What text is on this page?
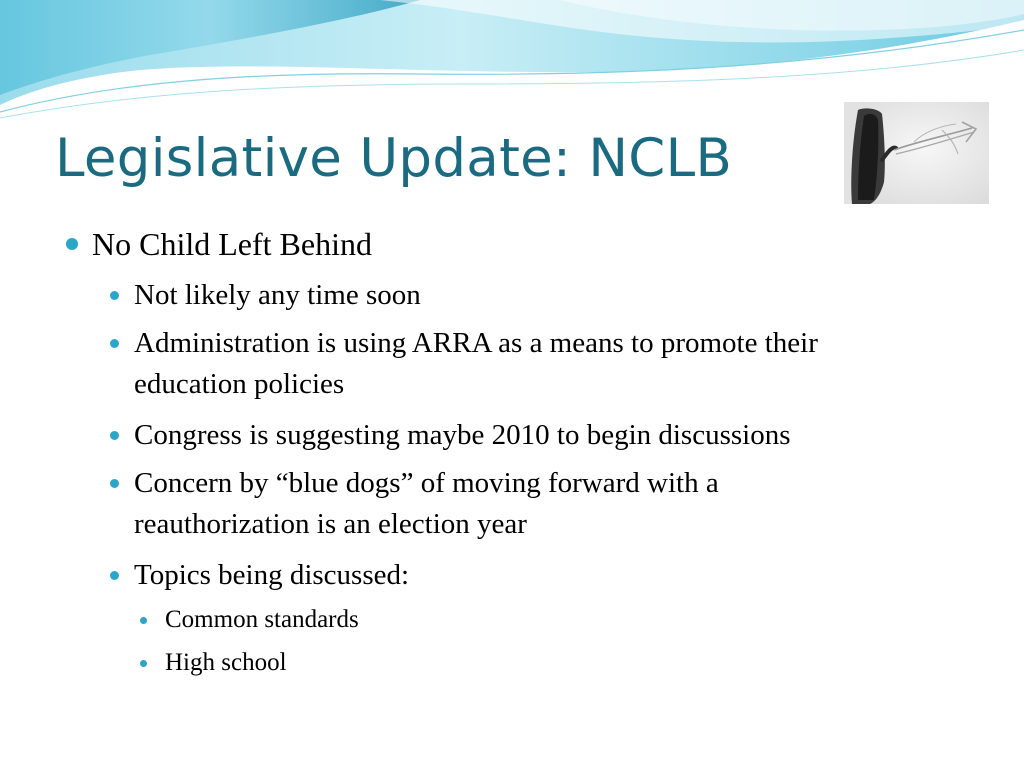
Legislative Update: NCLB
No Child Left Behind
Not likely any time soon
Administration is using ARRA as a means to promote their education policies
Congress is suggesting maybe 2010 to begin discussions
Concern by “blue dogs” of moving forward with a reauthorization is an election year
Topics being discussed:
Common standards
High school
